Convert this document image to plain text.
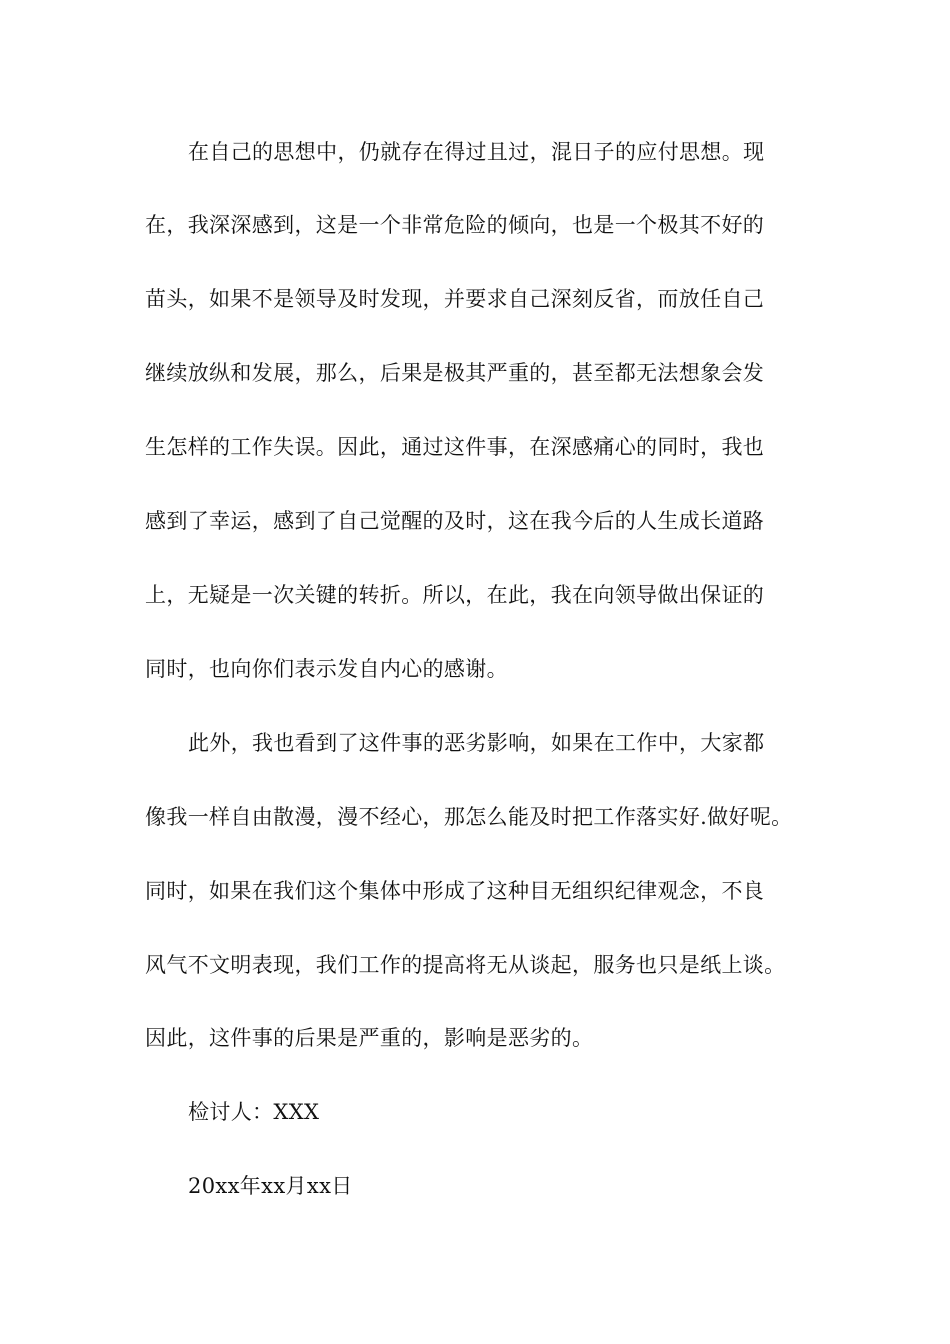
在自己的思想中，仍就存在得过且过，混日子的应付思想。现
在，我深深感到，这是一个非常危险的倾向，也是一个极其不好的
苗头，如果不是领导及时发现，并要求自己深刻反省，而放任自己
继续放纵和发展，那么，后果是极其严重的，甚至都无法想象会发
生怎样的工作失误。因此，通过这件事，在深感痛心的同时，我也
感到了幸运，感到了自己觉醒的及时，这在我今后的人生成长道路
上，无疑是一次关键的转折。所以，在此，我在向领导做出保证的
同时，也向你们表示发自内心的感谢。
此外，我也看到了这件事的恶劣影响，如果在工作中，大家都
像我一样自由散漫，漫不经心，那怎么能及时把工作落实好.做好呢。
同时，如果在我们这个集体中形成了这种目无组织纪律观念，不良
风气不文明表现，我们工作的提高将无从谈起，服务也只是纸上谈。
因此，这件事的后果是严重的，影响是恶劣的。
检讨人：XXX
20xx年xx月xx日
